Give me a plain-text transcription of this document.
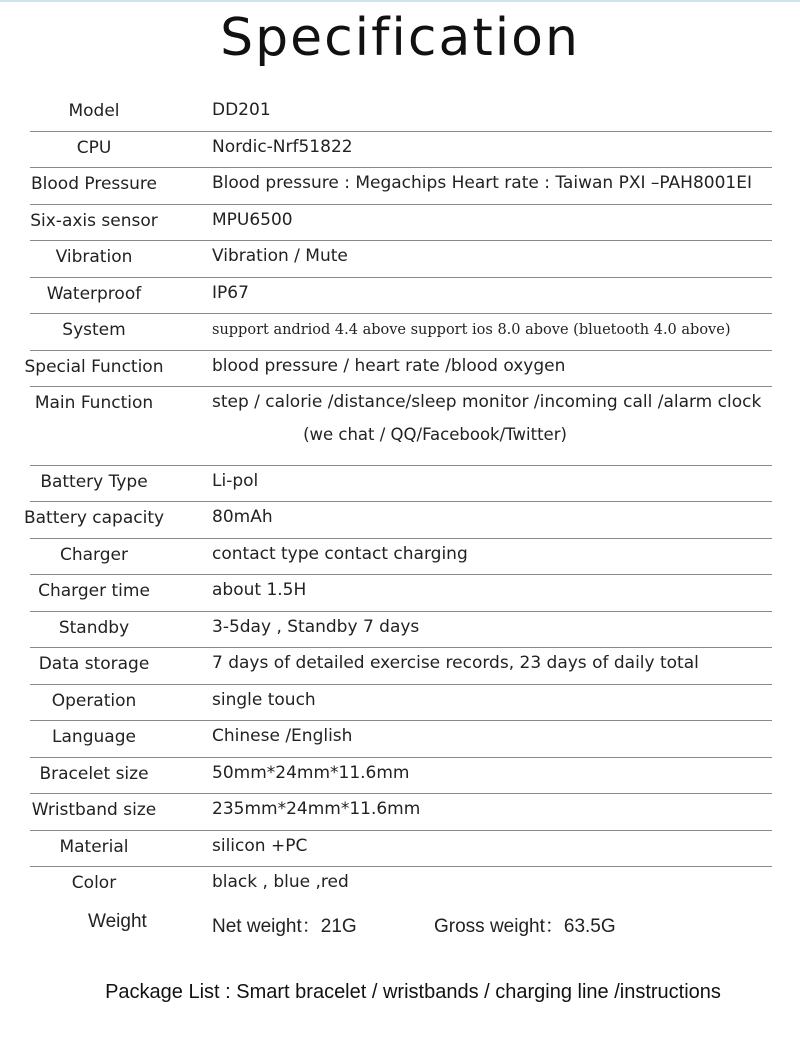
Specification
Model	DD201
CPU	Nordic-Nrf51822
Blood Pressure	Blood pressure : Megachips Heart rate : Taiwan PXI –PAH8001EI
Six-axis sensor	MPU6500
Vibration	Vibration / Mute
Waterproof	IP67
System	support andriod 4.4 above support ios 8.0 above (bluetooth 4.0 above)
Special Function	blood pressure / heart rate /blood oxygen
Main Function	step / calorie /distance/sleep monitor /incoming call /alarm clock
(we chat / QQ/Facebook/Twitter)
Battery Type	Li-pol
Battery capacity	80mAh
Charger	contact type contact charging
Charger time	about 1.5H
Standby	3-5day , Standby 7 days
Data storage	7 days of detailed exercise records, 23 days of daily total
Operation	single touch
Language	Chinese /English
Bracelet size	50mm*24mm*11.6mm
Wristband size	235mm*24mm*11.6mm
Material	silicon +PC
Color	black , blue ,red
Weight	Net weight：21G	Gross weight：63.5G
Package List : Smart bracelet / wristbands / charging line /instructions
